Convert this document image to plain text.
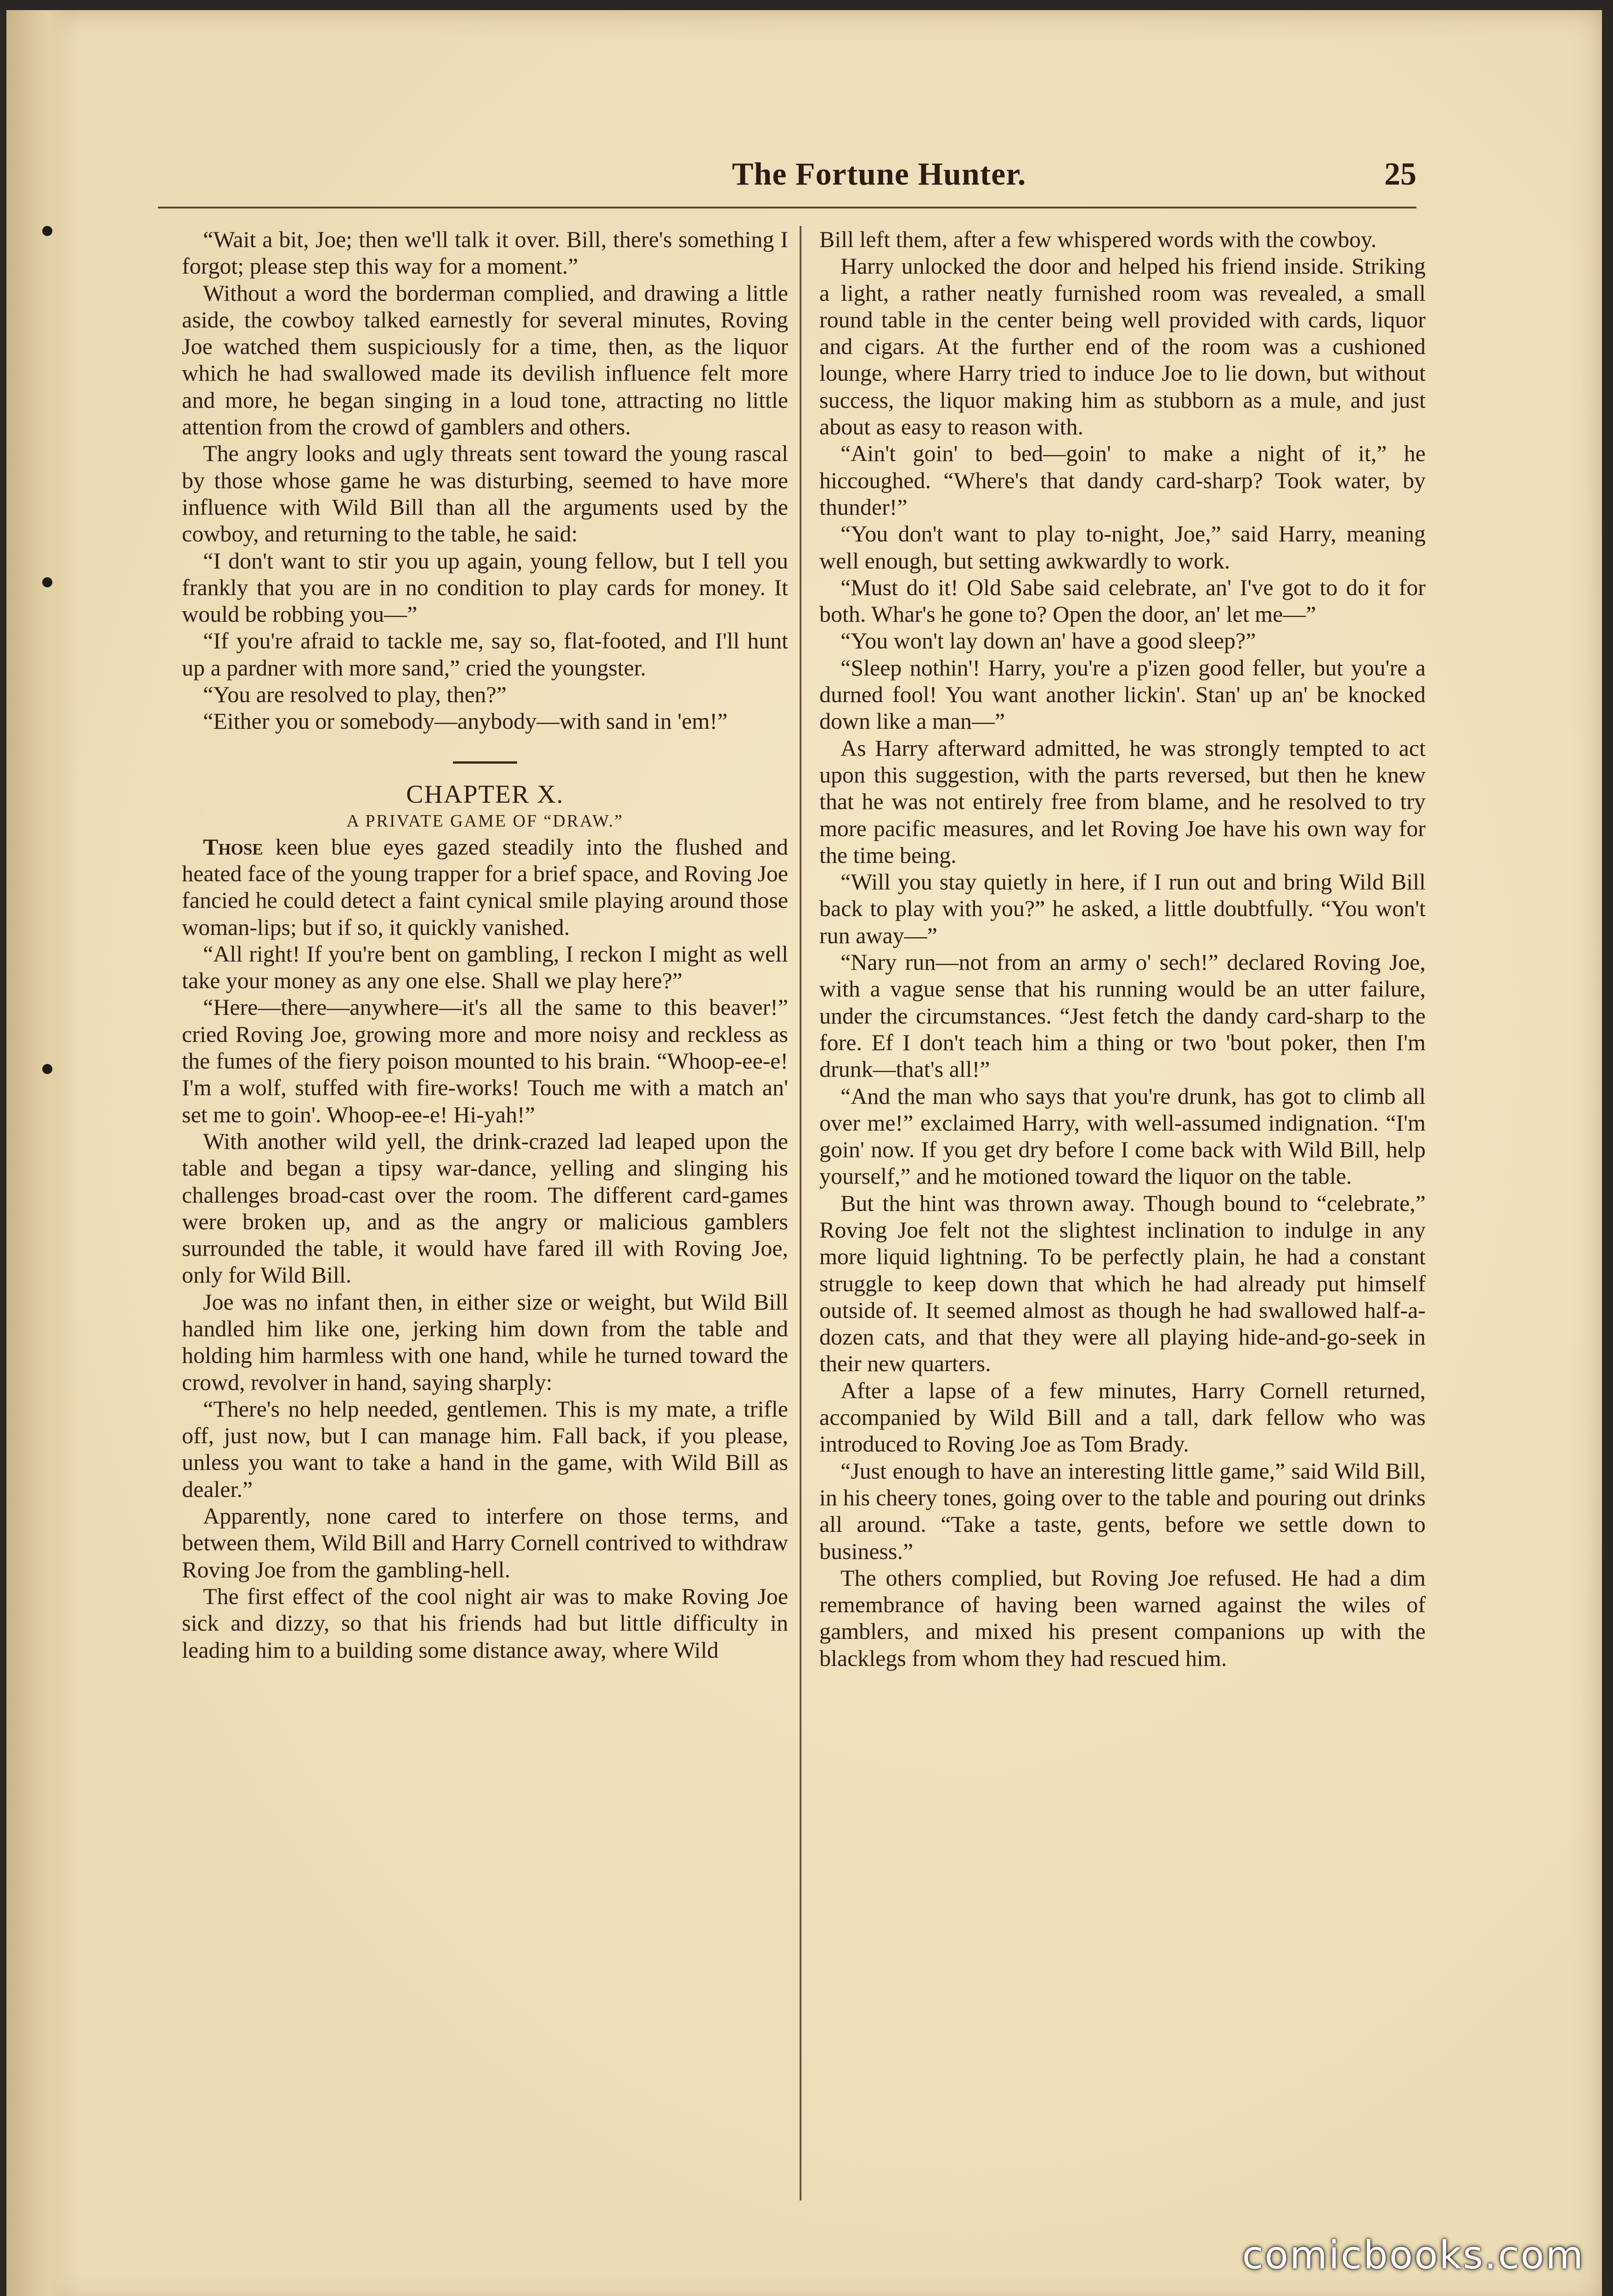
The Fortune Hunter.	25

“Wait a bit, Joe; then we'll talk it over. Bill, there's something I forgot; please step this way for a moment.”

Without a word the borderman complied, and drawing a little aside, the cowboy talked earnestly for several minutes, Roving Joe watched them suspiciously for a time, then, as the liquor which he had swallowed made its devilish influence felt more and more, he began singing in a loud tone, attracting no little attention from the crowd of gamblers and others.

The angry looks and ugly threats sent toward the young rascal by those whose game he was disturbing, seemed to have more influence with Wild Bill than all the arguments used by the cowboy, and returning to the table, he said:

“I don't want to stir you up again, young fellow, but I tell you frankly that you are in no condition to play cards for money. It would be robbing you—”

“If you're afraid to tackle me, say so, flat-footed, and I'll hunt up a pardner with more sand,” cried the youngster.

“You are resolved to play, then?”

“Either you or somebody—anybody—with sand in 'em!”

CHAPTER X.
A PRIVATE GAME OF “DRAW.”

Those keen blue eyes gazed steadily into the flushed and heated face of the young trapper for a brief space, and Roving Joe fancied he could detect a faint cynical smile playing around those woman-lips; but if so, it quickly vanished.

“All right! If you're bent on gambling, I reckon I might as well take your money as any one else. Shall we play here?”

“Here—there—anywhere—it's all the same to this beaver!” cried Roving Joe, growing more and more noisy and reckless as the fumes of the fiery poison mounted to his brain. “Whoop-ee-e! I'm a wolf, stuffed with fire-works! Touch me with a match an' set me to goin'. Whoop-ee-e! Hi-yah!”

With another wild yell, the drink-crazed lad leaped upon the table and began a tipsy war-dance, yelling and slinging his challenges broad-cast over the room. The different card-games were broken up, and as the angry or malicious gamblers surrounded the table, it would have fared ill with Roving Joe, only for Wild Bill.

Joe was no infant then, in either size or weight, but Wild Bill handled him like one, jerking him down from the table and holding him harmless with one hand, while he turned toward the crowd, revolver in hand, saying sharply:

“There's no help needed, gentlemen. This is my mate, a trifle off, just now, but I can manage him. Fall back, if you please, unless you want to take a hand in the game, with Wild Bill as dealer.”

Apparently, none cared to interfere on those terms, and between them, Wild Bill and Harry Cornell contrived to withdraw Roving Joe from the gambling-hell.

The first effect of the cool night air was to make Roving Joe sick and dizzy, so that his friends had but little difficulty in leading him to a building some distance away, where Wild

Bill left them, after a few whispered words with the cowboy.

Harry unlocked the door and helped his friend inside. Striking a light, a rather neatly furnished room was revealed, a small round table in the center being well provided with cards, liquor and cigars. At the further end of the room was a cushioned lounge, where Harry tried to induce Joe to lie down, but without success, the liquor making him as stubborn as a mule, and just about as easy to reason with.

“Ain't goin' to bed—goin' to make a night of it,” he hiccoughed. “Where's that dandy card-sharp? Took water, by thunder!”

“You don't want to play to-night, Joe,” said Harry, meaning well enough, but setting awkwardly to work.

“Must do it! Old Sabe said celebrate, an' I've got to do it for both. Whar's he gone to? Open the door, an' let me—”

“You won't lay down an' have a good sleep?”

“Sleep nothin'! Harry, you're a p'izen good feller, but you're a durned fool! You want another lickin'. Stan' up an' be knocked down like a man—”

As Harry afterward admitted, he was strongly tempted to act upon this suggestion, with the parts reversed, but then he knew that he was not entirely free from blame, and he resolved to try more pacific measures, and let Roving Joe have his own way for the time being.

“Will you stay quietly in here, if I run out and bring Wild Bill back to play with you?” he asked, a little doubtfully. “You won't run away—”

“Nary run—not from an army o' sech!” declared Roving Joe, with a vague sense that his running would be an utter failure, under the circumstances. “Jest fetch the dandy card-sharp to the fore. Ef I don't teach him a thing or two 'bout poker, then I'm drunk—that's all!”

“And the man who says that you're drunk, has got to climb all over me!” exclaimed Harry, with well-assumed indignation. “I'm goin' now. If you get dry before I come back with Wild Bill, help yourself,” and he motioned toward the liquor on the table.

But the hint was thrown away. Though bound to “celebrate,” Roving Joe felt not the slightest inclination to indulge in any more liquid lightning. To be perfectly plain, he had a constant struggle to keep down that which he had already put himself outside of. It seemed almost as though he had swallowed half-a-dozen cats, and that they were all playing hide-and-go-seek in their new quarters.

After a lapse of a few minutes, Harry Cornell returned, accompanied by Wild Bill and a tall, dark fellow who was introduced to Roving Joe as Tom Brady.

“Just enough to have an interesting little game,” said Wild Bill, in his cheery tones, going over to the table and pouring out drinks all around. “Take a taste, gents, before we settle down to business.”

The others complied, but Roving Joe refused. He had a dim remembrance of having been warned against the wiles of gamblers, and mixed his present companions up with the blacklegs from whom they had rescued him.

comicbooks.com
